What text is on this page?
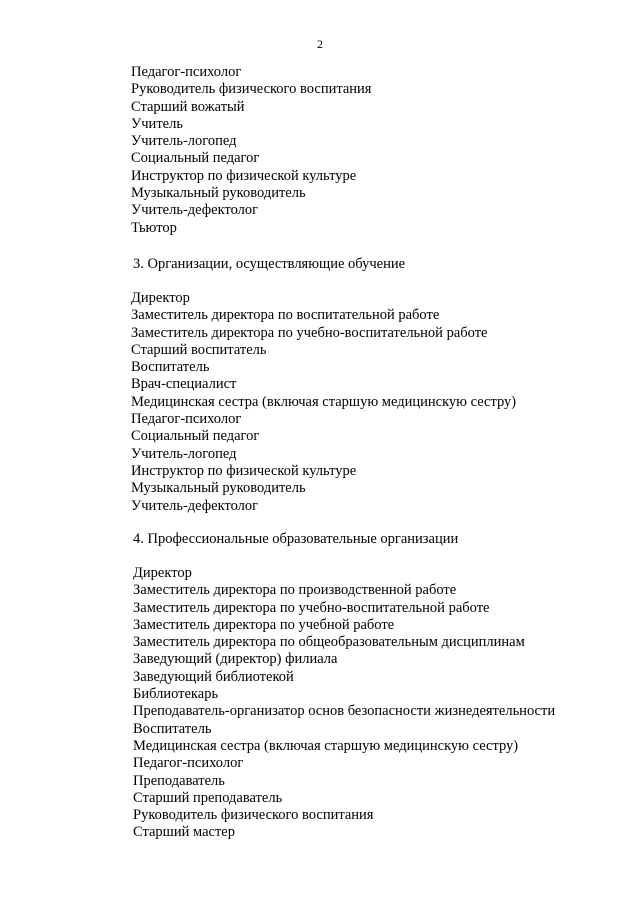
2
Педагог-психолог
Руководитель физического воспитания
Старший вожатый
Учитель
Учитель-логопед
Социальный педагог
Инструктор по физической культуре
Музыкальный руководитель
Учитель-дефектолог
Тьютор
3. Организации, осуществляющие обучение
Директор
Заместитель директора по воспитательной работе
Заместитель директора по учебно-воспитательной работе
Старший воспитатель
Воспитатель
Врач-специалист
Медицинская сестра (включая старшую медицинскую сестру)
Педагог-психолог
Социальный педагог
Учитель-логопед
Инструктор по физической культуре
Музыкальный руководитель
Учитель-дефектолог
4. Профессиональные образовательные организации
Директор
Заместитель директора по производственной работе
Заместитель директора по учебно-воспитательной работе
Заместитель директора по учебной работе
Заместитель директора по общеобразовательным дисциплинам
Заведующий (директор) филиала
Заведующий библиотекой
Библиотекарь
Преподаватель-организатор основ безопасности жизнедеятельности
Воспитатель
Медицинская сестра (включая старшую медицинскую сестру)
Педагог-психолог
Преподаватель
Старший преподаватель
Руководитель физического воспитания
Старший мастер
